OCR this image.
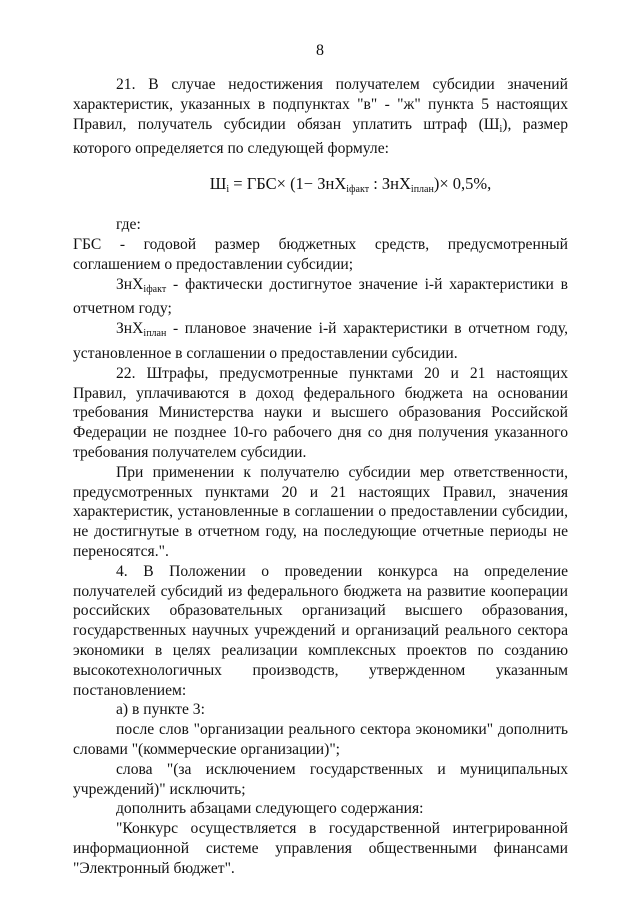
8

21. В случае недостижения получателем субсидии значений характеристик, указанных в подпунктах "в" - "ж" пункта 5 настоящих Правил, получатель субсидии обязан уплатить штраф $(Ш_i)$, размер которого определяется по следующей формуле:

$Ш_i = ГБС\times (1- ЗнХ_{iфакт}$ : ЗнХ$_{iплан}$)× 0,5%,

где:

ГБС - годовой размер бюджетных средств, предусмотренный соглашением о предоставлении субсидии;

ЗнХ$_{iфакт}$ - фактически достигнутое значение i-й характеристики в отчетном году;

ЗнХ$_{iплан}$ - плановое значение i-й характеристики в отчетном году, установленное в соглашении о предоставлении субсидии.

22. Штрафы, предусмотренные пунктами 20 и 21 настоящих Правил, уплачиваются в доход федерального бюджета на основании требования Министерства науки и высшего образования Российской Федерации не позднее 10-го рабочего дня со дня получения указанного требования получателем субсидии.

При применении к получателю субсидии мер ответственности, предусмотренных пунктами 20 и 21 настоящих Правил, значения характеристик, установленные в соглашении о предоставлении субсидии, не достигнутые в отчетном году, на последующие отчетные периоды не переносятся.".

4. В Положении о проведении конкурса на определение получателей субсидий из федерального бюджета на развитие кооперации российских образовательных организаций высшего образования, государственных научных учреждений и организаций реального сектора экономики в целях реализации комплексных проектов по созданию высокотехнологичных производств, утвержденном указанным постановлением:

а) в пункте 3:

после слов "организации реального сектора экономики" дополнить словами "(коммерческие организации)";

слова "(за исключением государственных и муниципальных учреждений)" исключить;

дополнить абзацами следующего содержания:

"Конкурс осуществляется в государственной интегрированной информационной системе управления общественными финансами "Электронный бюджет".
